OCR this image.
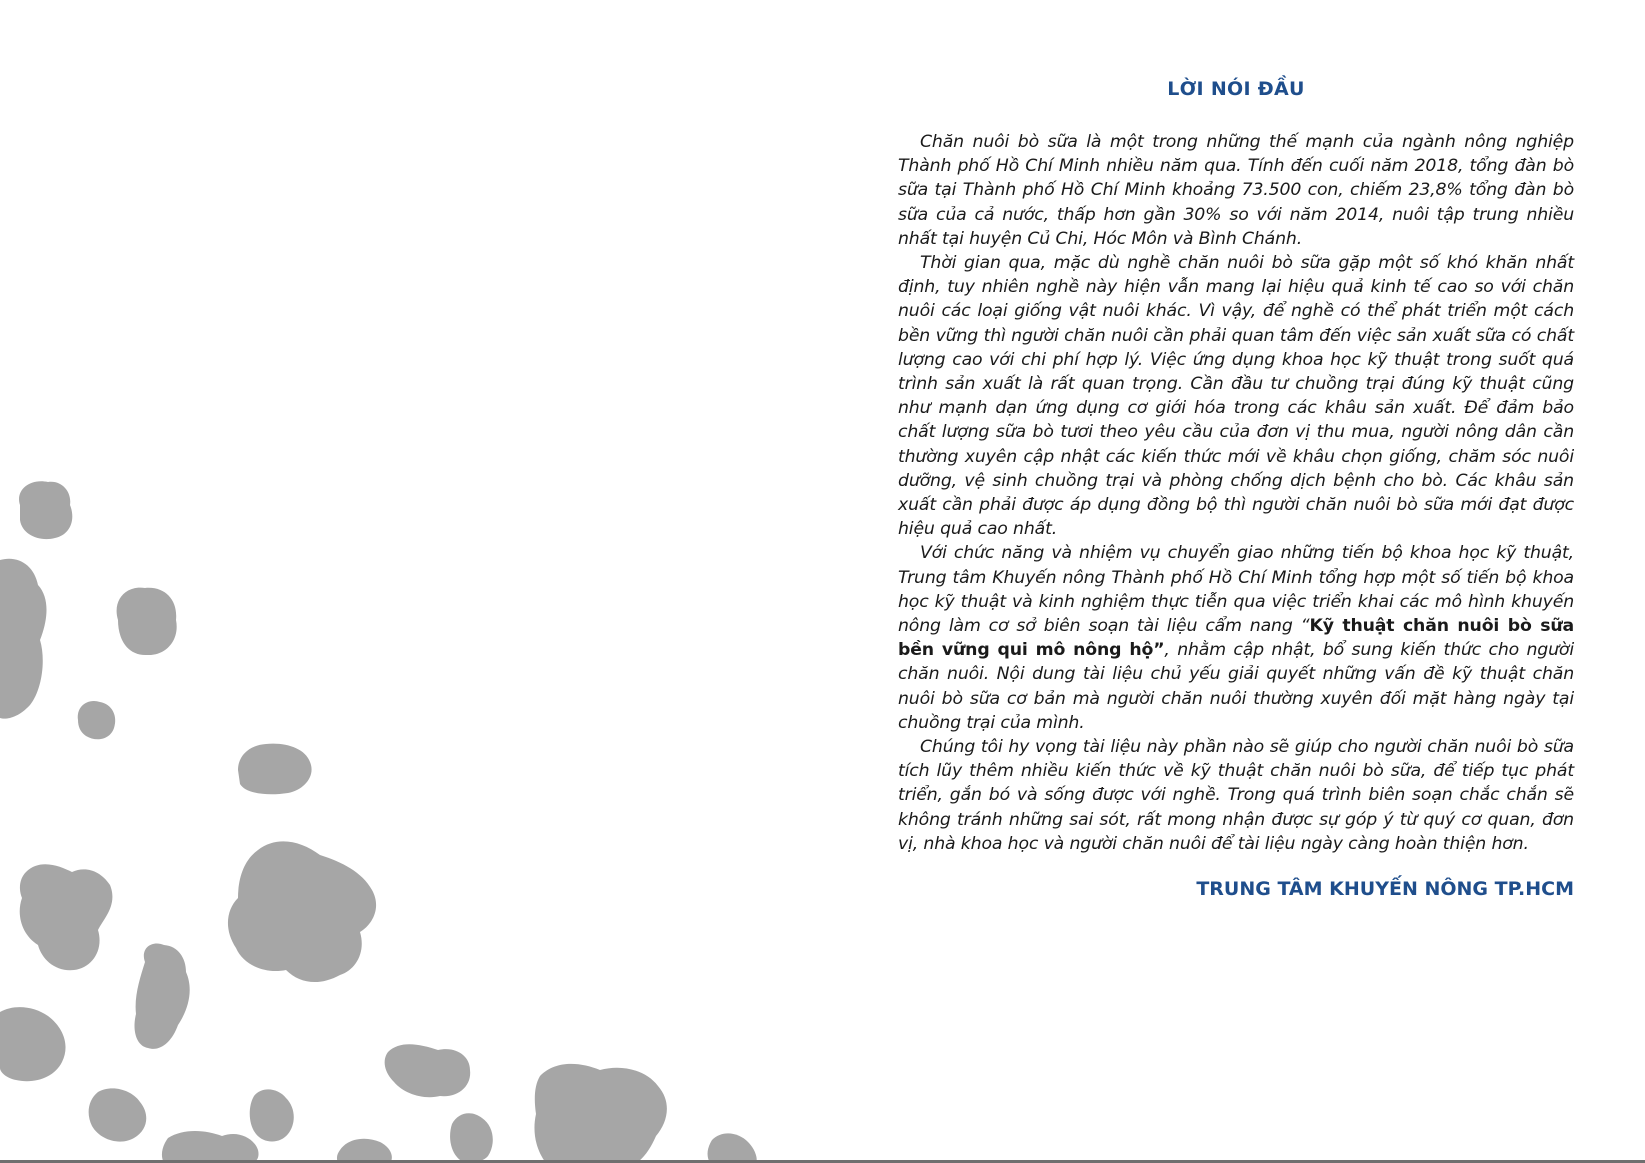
LỜI NÓI ĐẦU

Chăn nuôi bò sữa là một trong những thế mạnh của ngành nông nghiệp Thành phố Hồ Chí Minh nhiều năm qua. Tính đến cuối năm 2018, tổng đàn bò sữa tại Thành phố Hồ Chí Minh khoảng 73.500 con, chiếm 23,8% tổng đàn bò sữa của cả nước, thấp hơn gần 30% so với năm 2014, nuôi tập trung nhiều nhất tại huyện Củ Chi, Hóc Môn và Bình Chánh.

Thời gian qua, mặc dù nghề chăn nuôi bò sữa gặp một số khó khăn nhất định, tuy nhiên nghề này hiện vẫn mang lại hiệu quả kinh tế cao so với chăn nuôi các loại giống vật nuôi khác. Vì vậy, để nghề có thể phát triển một cách bền vững thì người chăn nuôi cần phải quan tâm đến việc sản xuất sữa có chất lượng cao với chi phí hợp lý. Việc ứng dụng khoa học kỹ thuật trong suốt quá trình sản xuất là rất quan trọng. Cần đầu tư chuồng trại đúng kỹ thuật cũng như mạnh dạn ứng dụng cơ giới hóa trong các khâu sản xuất. Để đảm bảo chất lượng sữa bò tươi theo yêu cầu của đơn vị thu mua, người nông dân cần thường xuyên cập nhật các kiến thức mới về khâu chọn giống, chăm sóc nuôi dưỡng, vệ sinh chuồng trại và phòng chống dịch bệnh cho bò. Các khâu sản xuất cần phải được áp dụng đồng bộ thì người chăn nuôi bò sữa mới đạt được hiệu quả cao nhất.

Với chức năng và nhiệm vụ chuyển giao những tiến bộ khoa học kỹ thuật, Trung tâm Khuyến nông Thành phố Hồ Chí Minh tổng hợp một số tiến bộ khoa học kỹ thuật và kinh nghiệm thực tiễn qua việc triển khai các mô hình khuyến nông làm cơ sở biên soạn tài liệu cẩm nang “Kỹ thuật chăn nuôi bò sữa bền vững qui mô nông hộ”, nhằm cập nhật, bổ sung kiến thức cho người chăn nuôi. Nội dung tài liệu chủ yếu giải quyết những vấn đề kỹ thuật chăn nuôi bò sữa cơ bản mà người chăn nuôi thường xuyên đối mặt hàng ngày tại chuồng trại của mình.

Chúng tôi hy vọng tài liệu này phần nào sẽ giúp cho người chăn nuôi bò sữa tích lũy thêm nhiều kiến thức về kỹ thuật chăn nuôi bò sữa, để tiếp tục phát triển, gắn bó và sống được với nghề. Trong quá trình biên soạn chắc chắn sẽ không tránh những sai sót, rất mong nhận được sự góp ý từ quý cơ quan, đơn vị, nhà khoa học và người chăn nuôi để tài liệu ngày càng hoàn thiện hơn.

TRUNG TÂM KHUYẾN NÔNG TP.HCM
